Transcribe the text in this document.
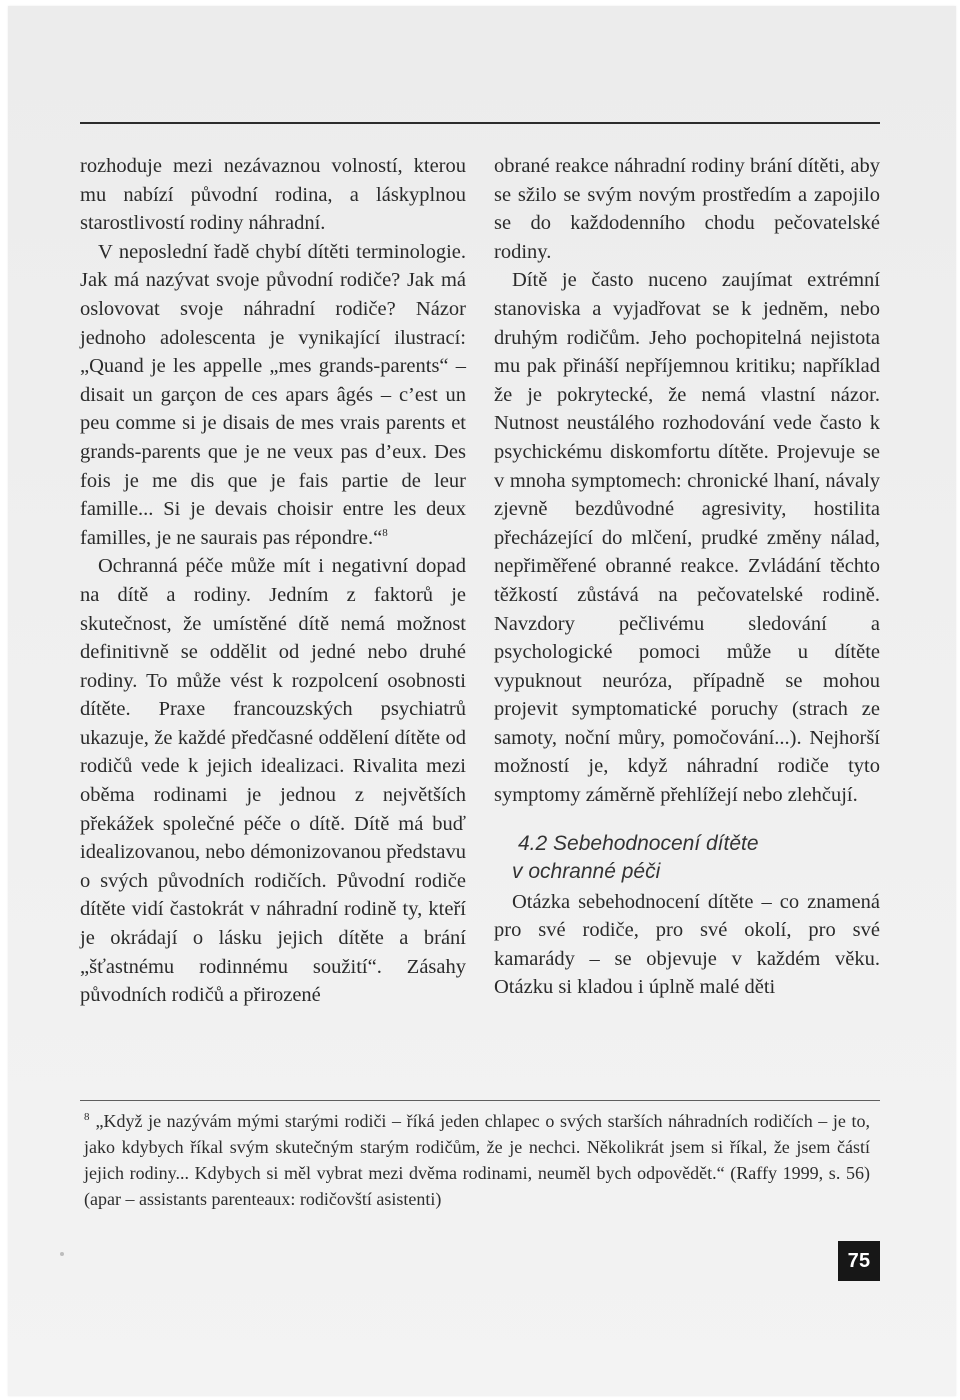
rozhoduje mezi nezávaznou volností, kterou mu nabízí původní rodina, a láskyplnou starostlivostí rodiny náhradní.

V neposlední řadě chybí dítěti terminologie. Jak má nazývat svoje původní rodiče? Jak má oslovovat svoje náhradní rodiče? Názor jednoho adolescenta je vynikající ilustrací: „Quand je les appelle „mes grands-parents“ – disait un garçon de ces apars âgés – c’est un peu comme si je disais de mes vrais parents et grands-parents que je ne veux pas d’eux. Des fois je me dis que je fais partie de leur famille... Si je devais choisir entre les deux familles, je ne saurais pas répondre.“$^8$

Ochranná péče může mít i negativní dopad na dítě a rodiny. Jedním z faktorů je skutečnost, že umístěné dítě nemá možnost definitivně se oddělit od jedné nebo druhé rodiny. To může vést k rozpolcení osobnosti dítěte. Praxe francouzských psychiatrů ukazuje, že každé předčasné oddělení dítěte od rodičů vede k jejich idealizaci. Rivalita mezi oběma rodinami je jednou z největších překážek společné péče o dítě. Dítě má buď idealizovanou, nebo démonizovanou představu o svých původních rodičích. Původní rodiče dítěte vidí častokrát v náhradní rodině ty, kteří je okrádají o lásku jejich dítěte a brání „šťastnému rodinnému soužití“. Zásahy původních rodičů a přirozené

obrané reakce náhradní rodiny brání dítěti, aby se sžilo se svým novým prostředím a zapojilo se do každodenního chodu pečovatelské rodiny.

Dítě je často nuceno zaujímat extrémní stanoviska a vyjadřovat se k jednĕm, nebo druhým rodičům. Jeho pochopitelná nejistota mu pak přináší nepříjemnou kritiku; například že je pokrytecké, že nemá vlastní názor. Nutnost neustálého rozhodování vede často k psychickému diskomfortu dítěte. Projevuje se v mnoha symptomech: chronické lhaní, návaly zjevně bezdůvodné agresivity, hostilita přecházející do mlčení, prudké změny nálad, nepřiměřené obranné reakce. Zvládání těchto těžkostí zůstává na pečovatelské rodině. Navzdory pečlivému sledování a psychologické pomoci může u dítěte vypuknout neuróza, případně se mohou projevit symptomatické poruchy (strach ze samoty, noční můry, pomočování...). Nejhorší možností je, když náhradní rodiče tyto symptomy záměrně přehlížejí nebo zlehčují.

4.2 Sebehodnocení dítěte
v ochranné péči

Otázka sebehodnocení dítěte – co znamená pro své rodiče, pro své okolí, pro své kamarády – se objevuje v každém věku. Otázku si kladou i úplně malé děti

$^8$ „Když je nazývám mými starými rodiči – říká jeden chlapec o svých starších náhradních rodičích – je to, jako kdybych říkal svým skutečným starým rodičům, že je nechci. Několikrát jsem si říkal, že jsem částí jejich rodiny... Kdybych si měl vybrat mezi dvěma rodinami, neuměl bych odpovědět.“ (Raffy 1999, s. 56) (apar – assistants parenteaux: rodičovští asistenti)
75
